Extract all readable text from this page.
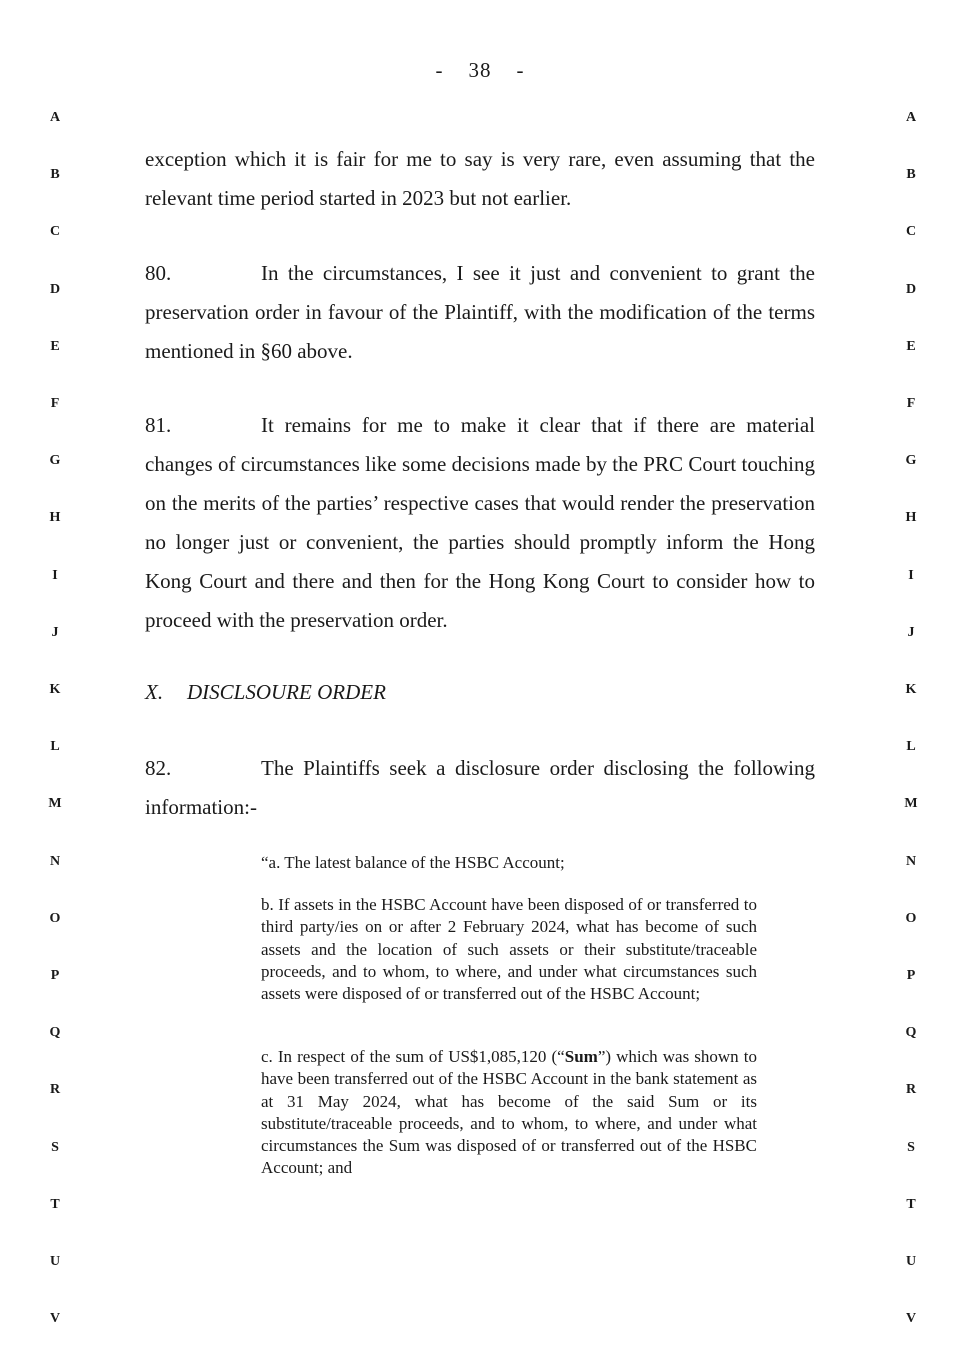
- 38 -
A
B
C
D
E
F
G
H
I
J
K
L
M
N
O
P
Q
R
S
T
U
V
A
B
C
D
E
F
G
H
I
J
K
L
M
N
O
P
Q
R
S
T
U
V

exception which it is fair for me to say is very rare, even assuming that the relevant time period started in 2023 but not earlier.

80.	In the circumstances, I see it just and convenient to grant the preservation order in favour of the Plaintiff, with the modification of the terms mentioned in §60 above.

81.	It remains for me to make it clear that if there are material changes of circumstances like some decisions made by the PRC Court touching on the merits of the parties’ respective cases that would render the preservation no longer just or convenient, the parties should promptly inform the Hong Kong Court and there and then for the Hong Kong Court to consider how to proceed with the preservation order.

X. DISCLSOURE ORDER

82.	The Plaintiffs seek a disclosure order disclosing the following information:-

“a. The latest balance of the HSBC Account;

b. If assets in the HSBC Account have been disposed of or transferred to third party/ies on or after 2 February 2024, what has become of such assets and the location of such assets or their substitute/traceable proceeds, and to whom, to where, and under what circumstances such assets were disposed of or transferred out of the HSBC Account;

c. In respect of the sum of US$1,085,120 (“Sum”) which was shown to have been transferred out of the HSBC Account in the bank statement as at 31 May 2024, what has become of the said Sum or its substitute/traceable proceeds, and to whom, to where, and under what circumstances the Sum was disposed of or transferred out of the HSBC Account; and
